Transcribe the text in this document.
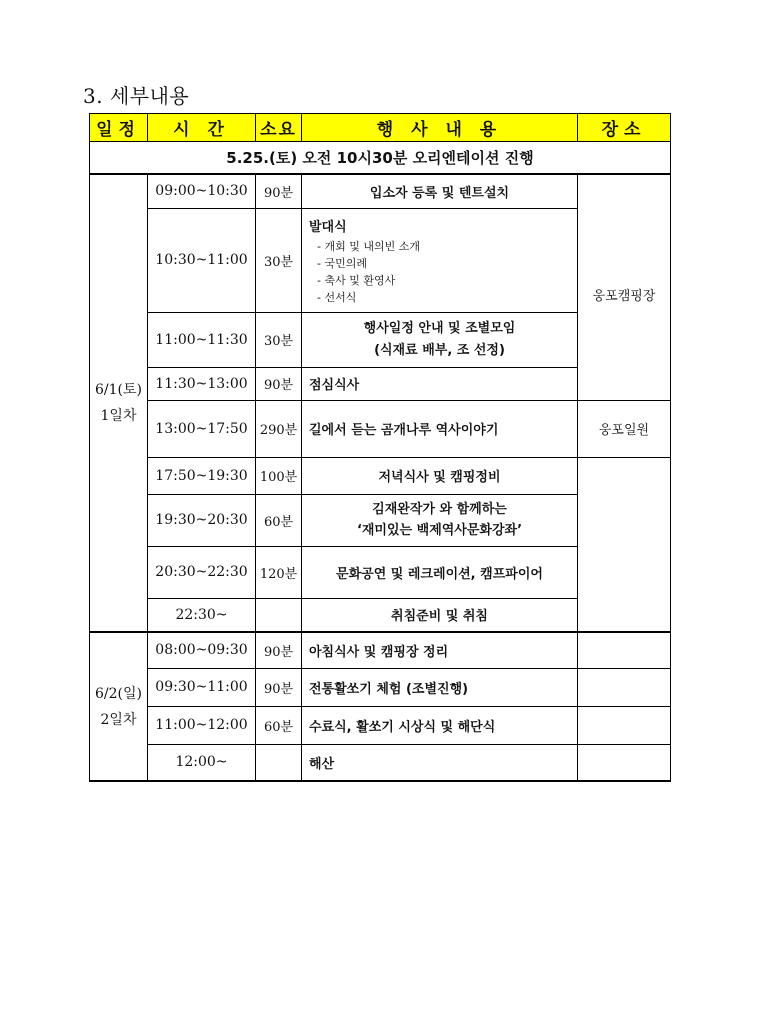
3. 세부내용
일정	시 간	소요	행 사 내 용	장소
5.25.(토) 오전 10시30분 오리엔테이션 진행				

6/1(토)
1일차	09:00~10:30	90분	입소자 등록 및 텐트설치	웅포캠핑장
	10:30~11:00	30분	발대식
- 개회 및 내의빈 소개
- 국민의례
- 축사 및 환영사
- 선서식	

	11:00~11:30	30분	행사일정 안내 및 조별모임
(식재료 배부, 조 선정)	

	11:30~13:00	90분	점심식사	
	13:00~17:50	290분	길에서 듣는 곰개나루 역사이야기	웅포일원
	17:50~19:30	100분	저녁식사 및 캠핑정비	
	19:30~20:30	60분	김재완작가 와 함께하는
‘재미있는 백제역사문화강좌’	

	20:30~22:30	120분	문화공연 및 레크레이션, 캠프파이어	
	22:30~		취침준비 및 취침	

6/2(일)
2일차	08:00~09:30	90분	아침식사 및 캠핑장 정리	
	09:30~11:00	90분	전통활쏘기 체험 (조별진행)	
	11:00~12:00	60분	수료식, 활쏘기 시상식 및 해단식	
	12:00~		해산	
